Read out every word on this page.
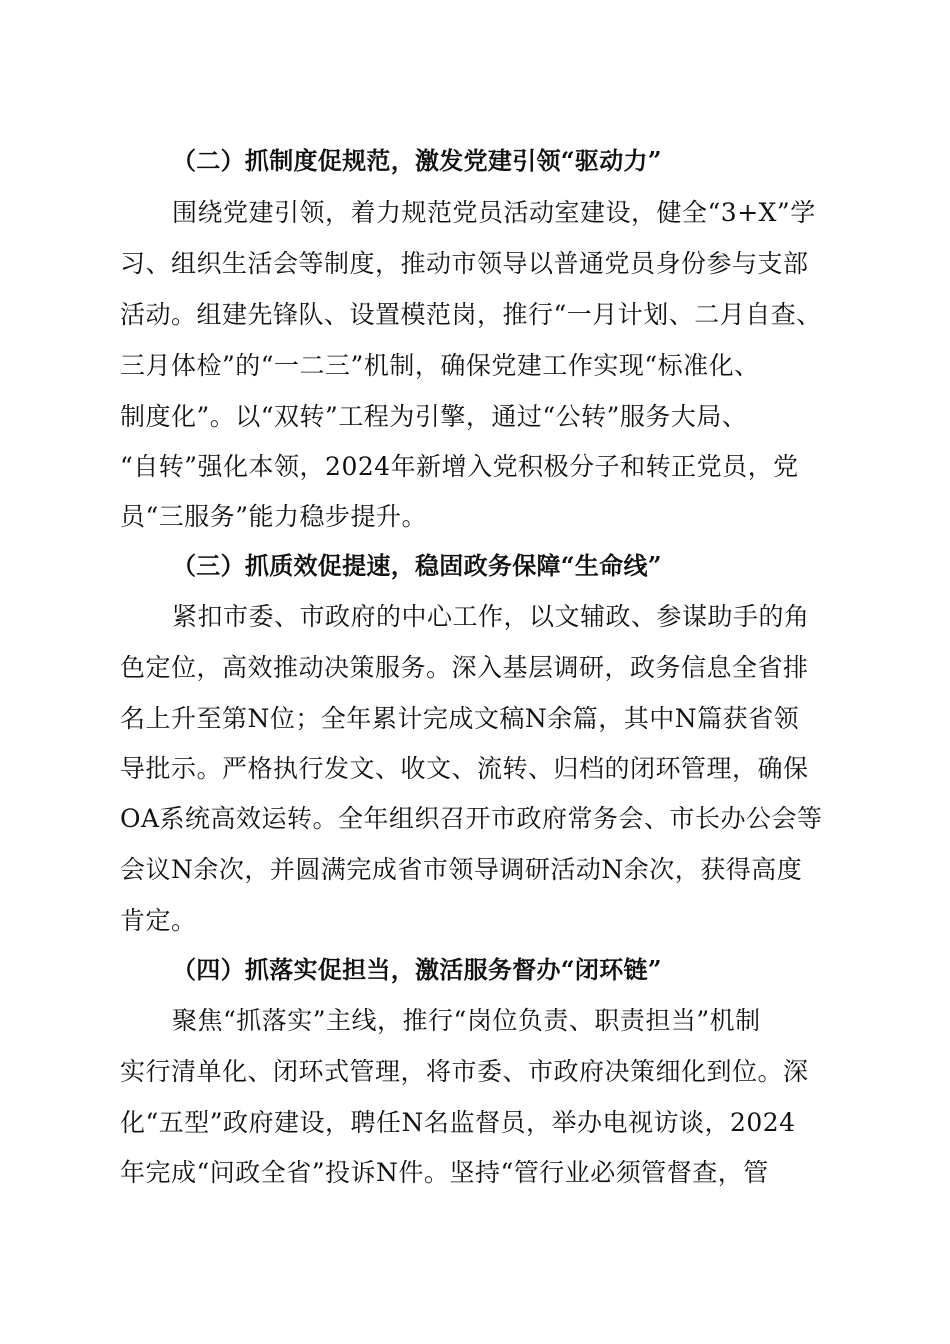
（二）抓制度促规范，激发党建引领“驱动力”
围绕党建引领，着力规范党员活动室建设，健全“3+X”学
习、组织生活会等制度，推动市领导以普通党员身份参与支部
活动。组建先锋队、设置模范岗，推行“一月计划、二月自查、
三月体检”的“一二三”机制，确保党建工作实现“标准化、
制度化”。以“双转”工程为引擎，通过“公转”服务大局、
“自转”强化本领，2024年新增入党积极分子和转正党员，党
员“三服务”能力稳步提升。
（三）抓质效促提速，稳固政务保障“生命线”
紧扣市委、市政府的中心工作，以文辅政、参谋助手的角
色定位，高效推动决策服务。深入基层调研，政务信息全省排
名上升至第N位；全年累计完成文稿N余篇，其中N篇获省领
导批示。严格执行发文、收文、流转、归档的闭环管理，确保
OA系统高效运转。全年组织召开市政府常务会、市长办公会等
会议N余次，并圆满完成省市领导调研活动N余次，获得高度
肯定。
（四）抓落实促担当，激活服务督办“闭环链”
聚焦“抓落实”主线，推行“岗位负责、职责担当”机制
实行清单化、闭环式管理，将市委、市政府决策细化到位。深
化“五型”政府建设，聘任N名监督员，举办电视访谈，2024
年完成“问政全省”投诉N件。坚持“管行业必须管督查，管
